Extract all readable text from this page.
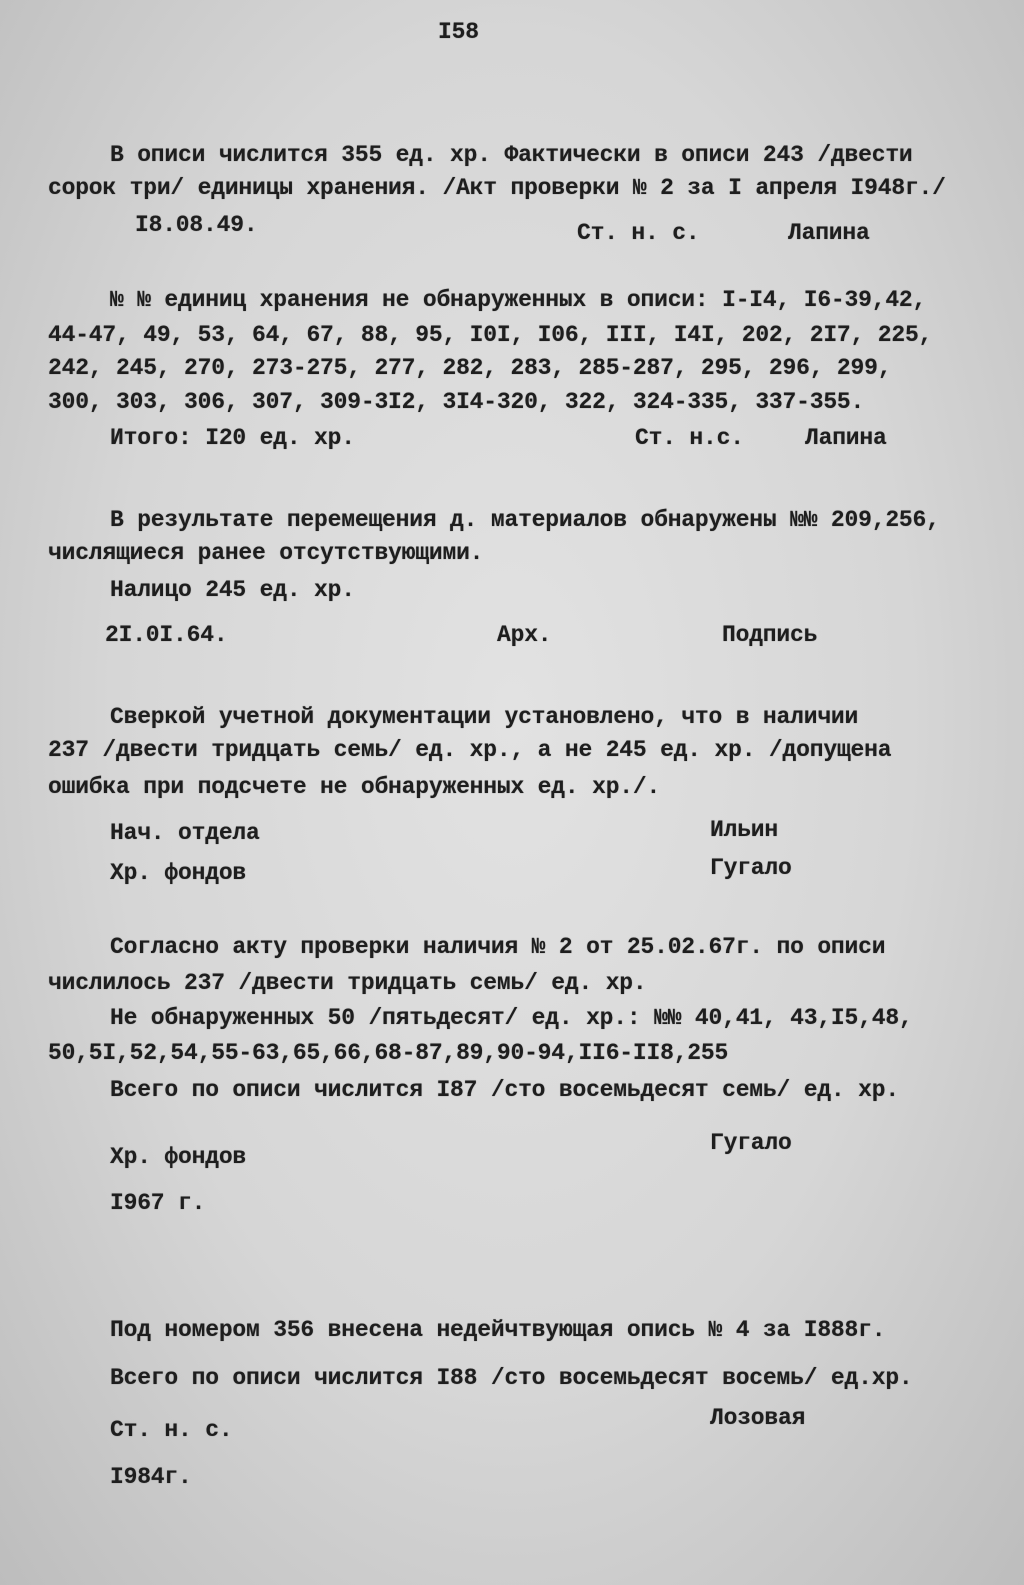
I58
В описи числится 355 ед. хр. Фактически в описи 243 /двести
сорок три/ единицы хранения. /Акт проверки № 2 за I апреля I948г./
I8.08.49.	Ст. н. с.	Лапина
№ № единиц хранения не обнаруженных в описи: I-I4, I6-39,42,
44-47, 49, 53, 64, 67, 88, 95, I0I, I06, III, I4I, 202, 2I7, 225,
242, 245, 270, 273-275, 277, 282, 283, 285-287, 295, 296, 299,
300, 303, 306, 307, 309-3I2, 3I4-320, 322, 324-335, 337-355.
Итого: I20 ед. хр.	Ст. н.с.	Лапина
В результате перемещения д. материалов обнаружены №№ 209,256,
числящиеся ранее отсутствующими.
Налицо 245 ед. хр.
2I.0I.64.	Арх.	Подпись
Сверкой учетной документации установлено, что в наличии
237 /двести тридцать семь/ ед. хр., а не 245 ед. хр. /допущена
ошибка при подсчете не обнаруженных ед. хр./.
Нач. отдела	Ильин
Хр. фондов	Гугало
Согласно акту проверки наличия № 2 от 25.02.67г. по описи
числилось 237 /двести тридцать семь/ ед. хр.
Не обнаруженных 50 /пятьдесят/ ед. хр.: №№ 40,41, 43,I5,48,
50,5I,52,54,55-63,65,66,68-87,89,90-94,II6-II8,255
Всего по описи числится I87 /сто восемьдесят семь/ ед. хр.
Гугало
Хр. фондов
I967 г.
Под номером 356 внесена недейчтвующая опись № 4 за I888г.
Всего по описи числится I88 /сто восемьдесят восемь/ ед.хр.
Лозовая
Ст. н. с.
I984г.
